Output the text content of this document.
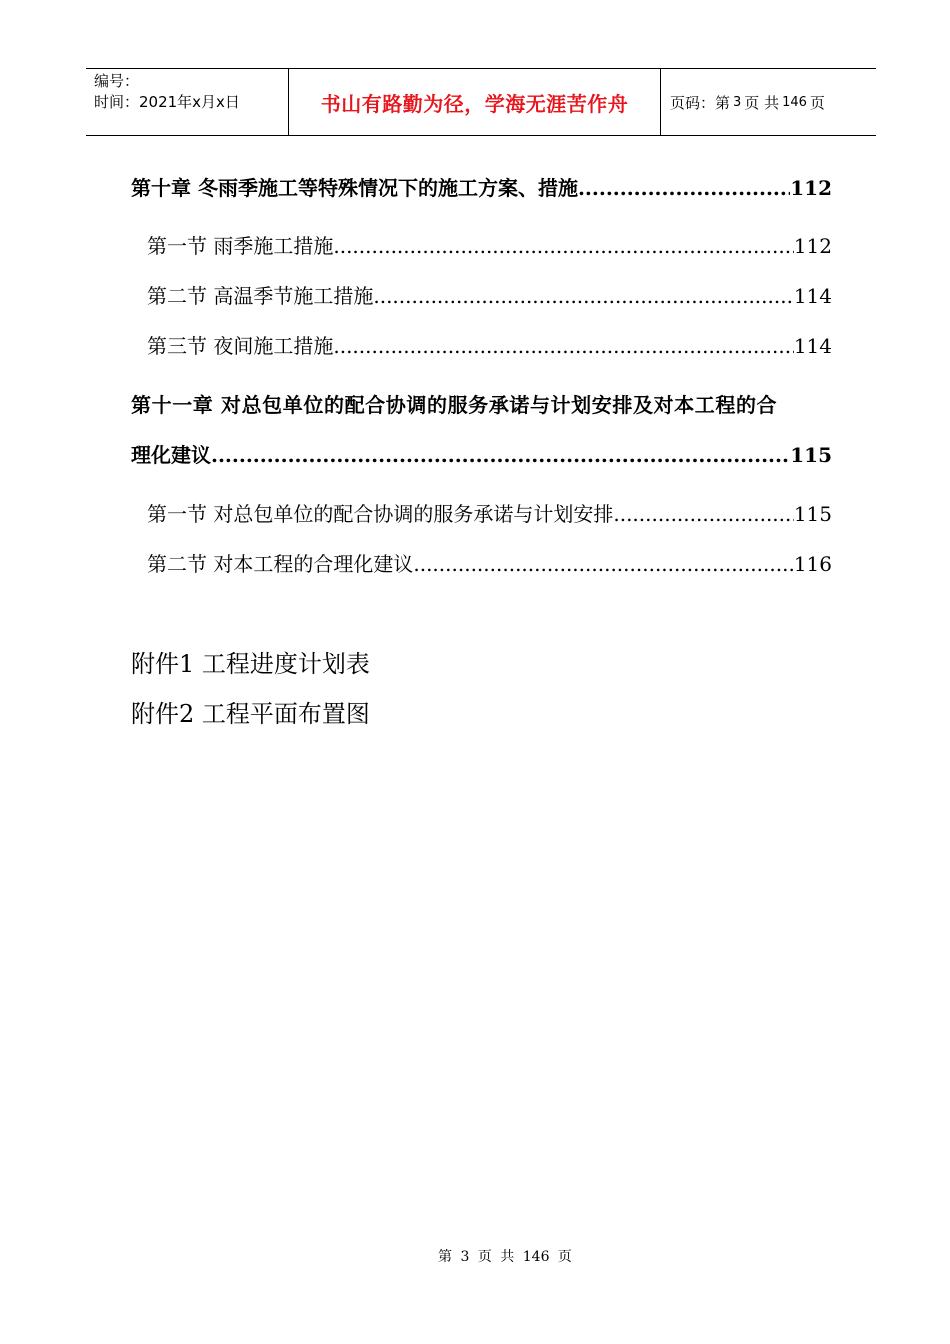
编号：
时间：2021年x月x日	书山有路勤为径，学海无涯苦作舟	页码：第 3 页 共 146 页
第十章 冬雨季施工等特殊情况下的施工方案、措施 .....	112
第一节 雨季施工措施 .....	112
第二节 高温季节施工措施 .....	114
第三节 夜间施工措施 .....	114
第十一章 对总包单位的配合协调的服务承诺与计划安排及对本工程的合
理化建议 .....	115
第一节 对总包单位的配合协调的服务承诺与计划安排 .....	115
第二节 对本工程的合理化建议 .....	116
附件1 工程进度计划表
附件2 工程平面布置图
第 3 页 共 146 页
